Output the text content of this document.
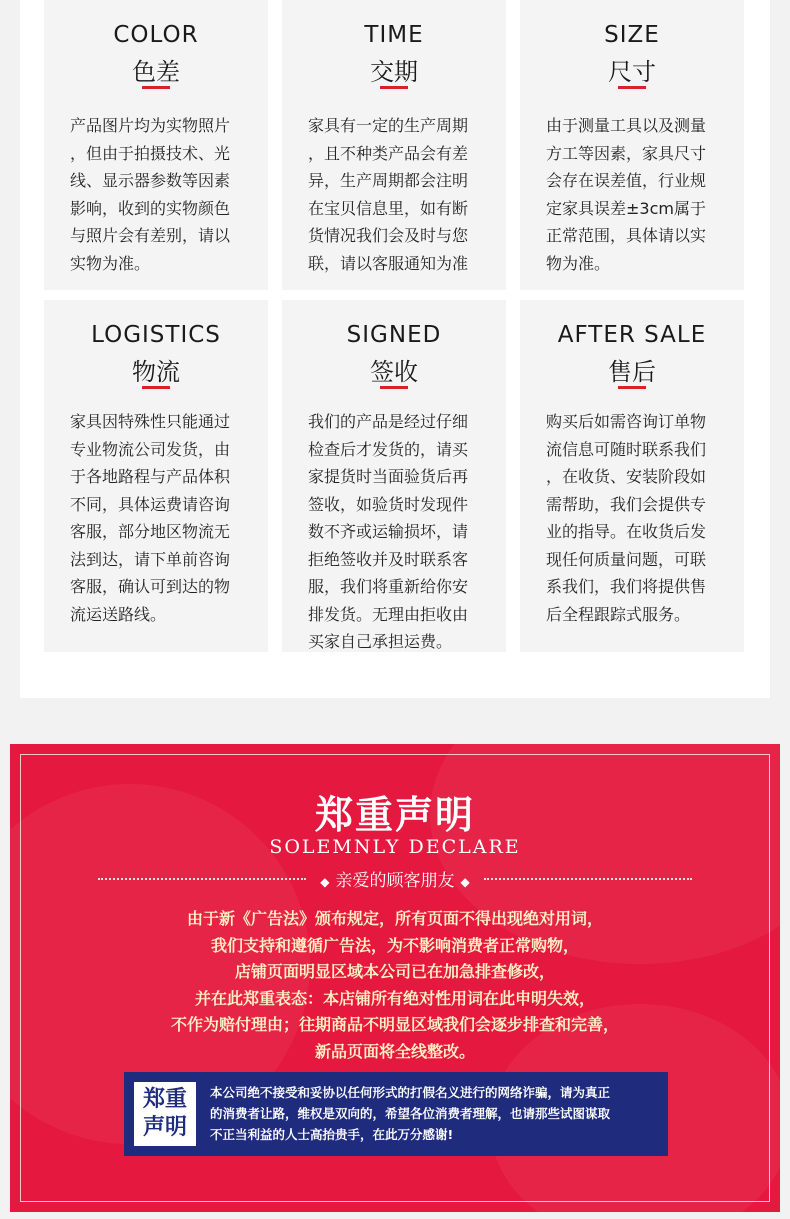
COLOR
色差
产品图片均为实物照片
，但由于拍摄技术、光
线、显示器参数等因素
影响，收到的实物颜色
与照片会有差别，请以
实物为准。
TIME
交期
家具有一定的生产周期
，且不种类产品会有差
异，生产周期都会注明
在宝贝信息里，如有断
货情况我们会及时与您
联，请以客服通知为准
SIZE
尺寸
由于测量工具以及测量
方工等因素，家具尺寸
会存在误差值，行业规
定家具误差±3cm属于
正常范围，具体请以实
物为准。
LOGISTICS
物流
家具因特殊性只能通过
专业物流公司发货，由
于各地路程与产品体积
不同，具体运费请咨询
客服，部分地区物流无
法到达，请下单前咨询
客服，确认可到达的物
流运送路线。
SIGNED
签收
我们的产品是经过仔细
检查后才发货的，请买
家提货时当面验货后再
签收，如验货时发现件
数不齐或运输损坏，请
拒绝签收并及时联系客
服，我们将重新给你安
排发货。无理由拒收由
买家自己承担运费。
AFTER SALE
售后
购买后如需咨询订单物
流信息可随时联系我们
，在收货、安装阶段如
需帮助，我们会提供专
业的指导。在收货后发
现任何质量问题，可联
系我们，我们将提供售
后全程跟踪式服务。
郑重声明
SOLEMNLY DECLARE
◆ 亲爱的顾客朋友 ◆
由于新《广告法》颁布规定，所有页面不得出现绝对用词，
我们支持和遵循广告法，为不影响消费者正常购物，
店铺页面明显区域本公司已在加急排查修改，
并在此郑重表态：本店铺所有绝对性用词在此申明失效，
不作为赔付理由；往期商品不明显区域我们会逐步排查和完善，
新品页面将全线整改。
郑重
声明
本公司绝不接受和妥协以任何形式的打假名义进行的网络诈骗，请为真正
的消费者让路，维权是双向的，希望各位消费者理解，也请那些试图谋取
不正当利益的人士高抬贵手，在此万分感谢!
